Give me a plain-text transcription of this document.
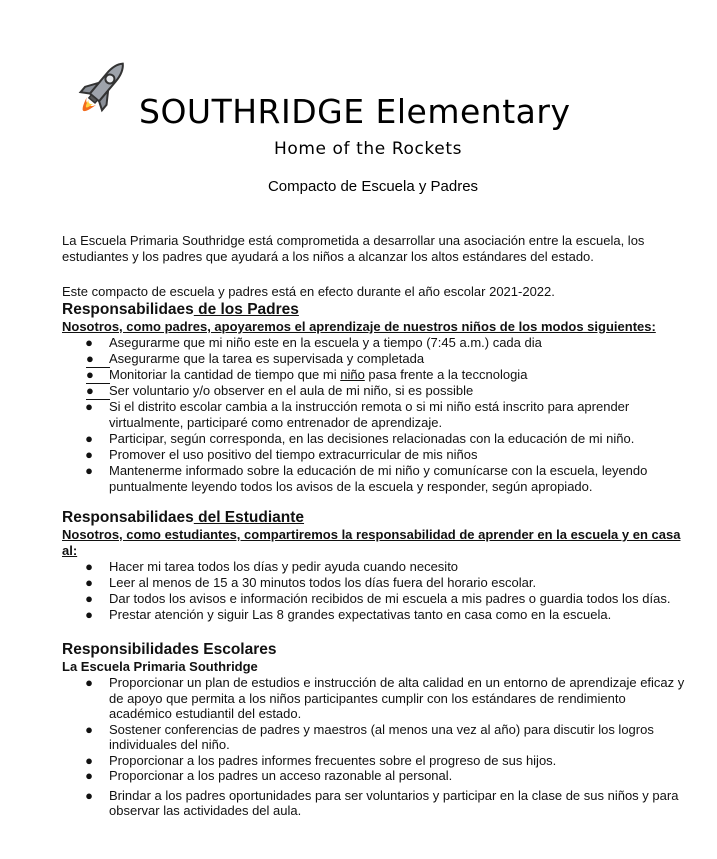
SOUTHRIDGE Elementary
Home of the Rockets
Compacto de Escuela y Padres
La Escuela Primaria Southridge está comprometida a desarrollar una asociación entre la escuela, los estudiantes y los padres que ayudará a los niños a alcanzar los altos estándares del estado.
Este compacto de escuela y padres está en efecto durante el año escolar 2021-2022.
Responsabilidaes de los Padres
Nosotros, como padres, apoyaremos el aprendizaje de nuestros niños de los modos siguientes:
● Asegurarme que mi niño este en la escuela y a tiempo (7:45 a.m.) cada dia
●	Asegurarme que la tarea es supervisada y completada
●	Monitoriar la cantidad de tiempo que mi niño pasa frente a la teccnologia
●	Ser voluntario y/o observer en el aula de mi niño, si es possible
● Si el distrito escolar cambia a la instrucción remota o si mi niño está inscrito para aprender virtualmente, participaré como entrenador de aprendizaje.
● Participar, según corresponda, en las decisiones relacionadas con la educación de mi niño.
● Promover el uso positivo del tiempo extracurricular de mis niños
● Mantenerme informado sobre la educación de mi niño y comunícarse con la escuela, leyendo puntualmente leyendo todos los avisos de la escuela y responder, según apropiado.
Responsabilidaes del Estudiante
Nosotros, como estudiantes, compartiremos la responsabilidad de aprender en la escuela y en casa al:
● Hacer mi tarea todos los días y pedir ayuda cuando necesito
● Leer al menos de 15 a 30 minutos todos los días fuera del horario escolar.
● Dar todos los avisos e información recibidos de mi escuela a mis padres o guardia todos los días.
● Prestar atención y siguir Las 8 grandes expectativas tanto en casa como en la escuela.
Responsibilidades Escolares
La Escuela Primaria Southridge
● Proporcionar un plan de estudios e instrucción de alta calidad en un entorno de aprendizaje eficaz y de apoyo que permita a los niños participantes cumplir con los estándares de rendimiento académico estudiantil del estado.
● Sostener conferencias de padres y maestros (al menos una vez al año) para discutir los logros individuales del niño.
● Proporcionar a los padres informes frecuentes sobre el progreso de sus hijos.
● Proporcionar a los padres un acceso razonable al personal.
● Brindar a los padres oportunidades para ser voluntarios y participar en la clase de sus niños y para observar las actividades del aula.
